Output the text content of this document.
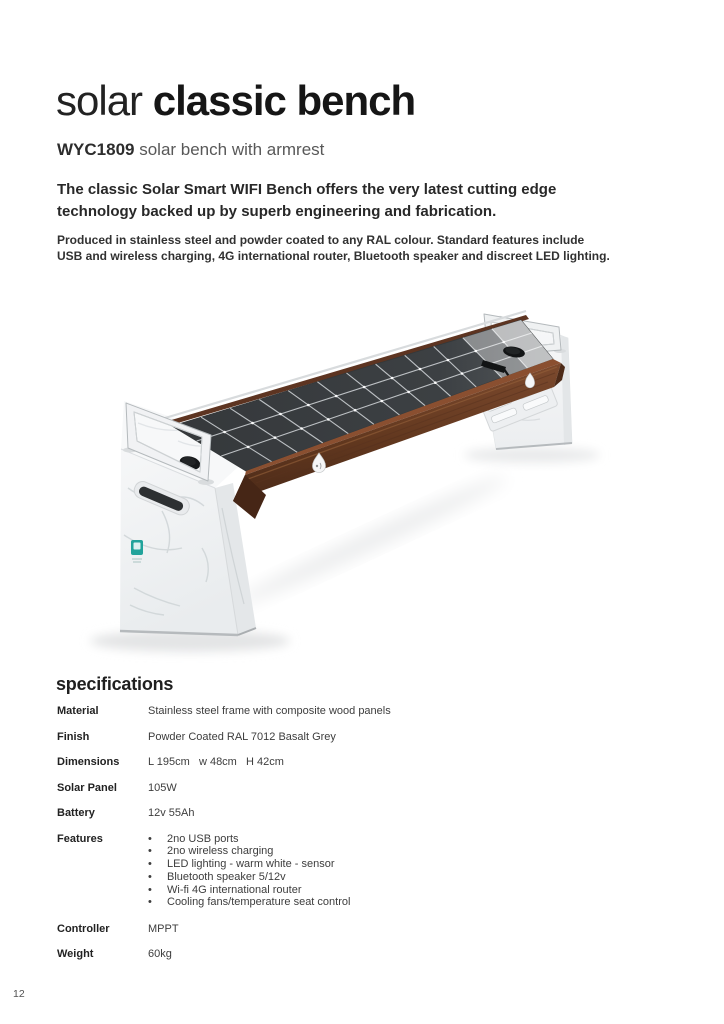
solar classic bench
WYC1809 solar bench with armrest
The classic Solar Smart WIFI Bench offers the very latest cutting edge
technology backed up by superb engineering and fabrication.
Produced in stainless steel and powder coated to any RAL colour. Standard features include
USB and wireless charging, 4G international router, Bluetooth speaker and discreet LED lighting.
specifications
Material	Stainless steel frame with composite wood panels
Finish	Powder Coated RAL 7012 Basalt Grey
Dimensions	L 195cm   w 48cm   H 42cm
Solar Panel	105W
Battery	12v 55Ah
Features	•	2no USB ports
•	2no wireless charging
•	LED lighting - warm white - sensor
•	Bluetooth speaker 5/12v
•	Wi-fi 4G international router
•	Cooling fans/temperature seat control
Controller	MPPT
Weight	60kg
12
